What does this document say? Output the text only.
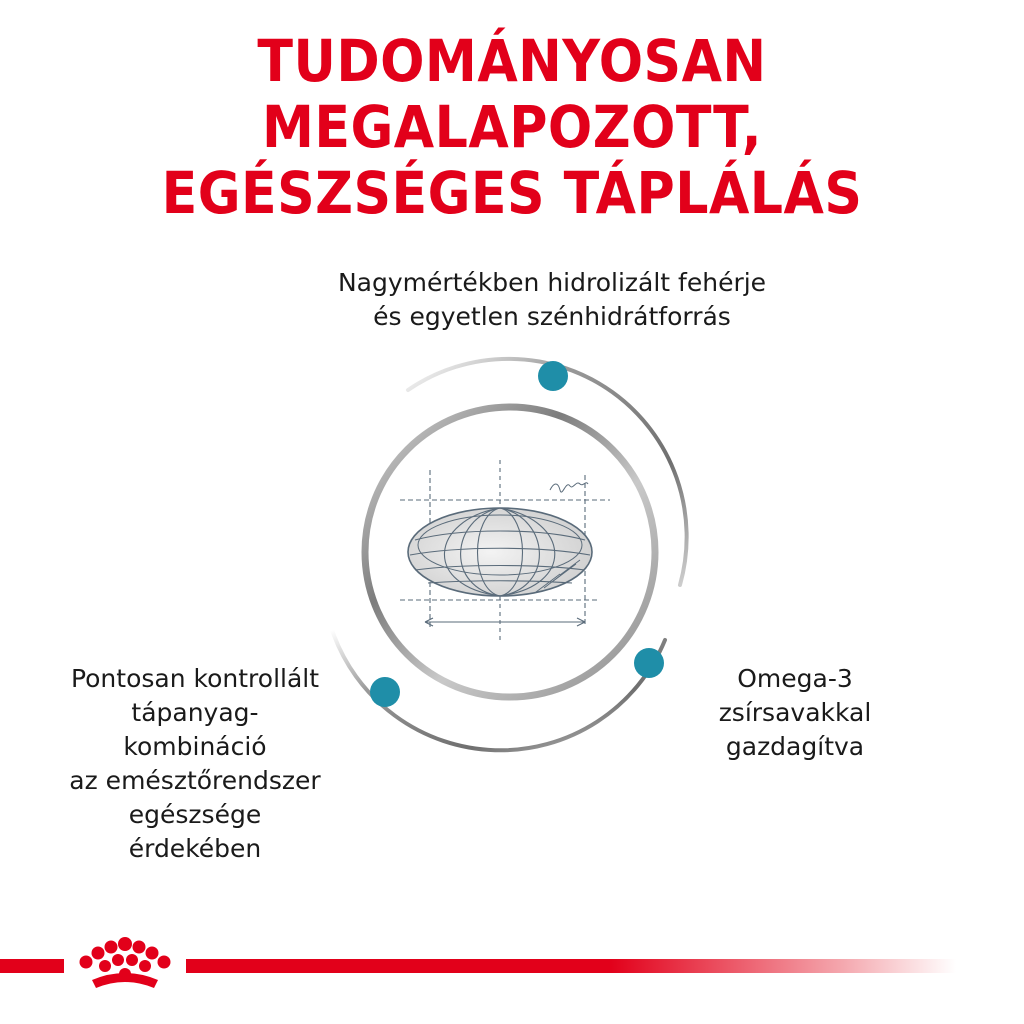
TUDOMÁNYOSAN MEGALAPOZOTT,
EGÉSZSÉGES TÁPLÁLÁS

Nagymértékben hidrolizált fehérje
és egyetlen szénhidrátforrás

Pontosan kontrollált
tápanyag-
kombináció
az emésztőrendszer
egészsége
érdekében

Omega-3
zsírsavakkal
gazdagítva
